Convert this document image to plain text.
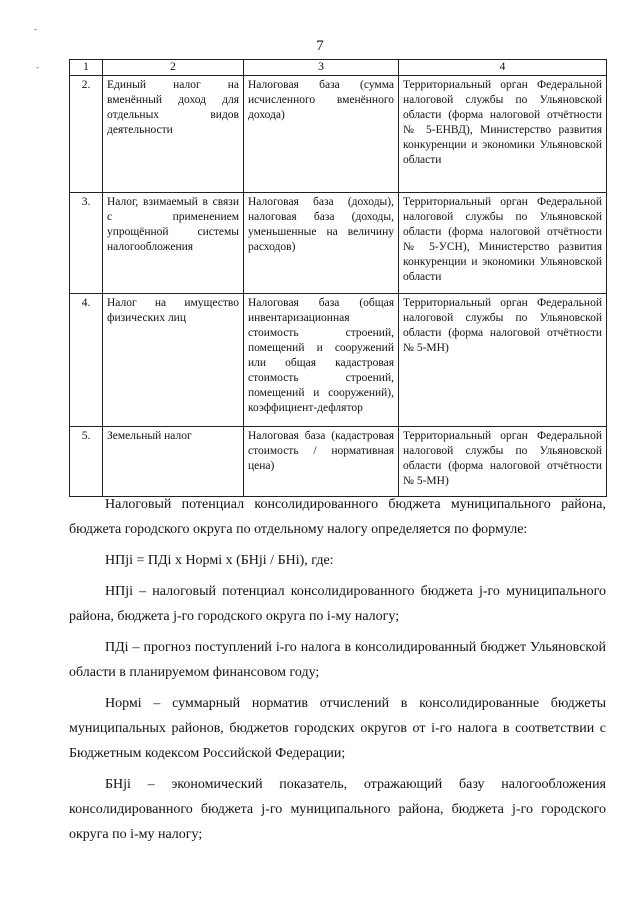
-
-
7
1	2	3	4
2.	Единый налог на вменённый доход для отдельных видов деятельности	Налоговая база (сумма исчисленного вменённого дохода)	Территориальный орган Федеральной налоговой службы по Ульяновской области (форма налоговой отчётности № 5-ЕНВД), Министерство развития конкуренции и экономики Ульяновской области
3.	Налог, взимаемый в связи с применением упрощённой системы налогообложения	Налоговая база (доходы), налоговая база (доходы, уменьшенные на величину расходов)	Территориальный орган Федеральной налоговой службы по Ульяновской области (форма налоговой отчётности № 5-УСН), Министерство развития конкуренции и экономики Ульяновской области
4.	Налог на имущество физических лиц	Налоговая база (общая инвентаризационная стоимость строений, помещений и сооружений или общая кадастровая стоимость строений, помещений и сооружений), коэффициент-дефлятор	Территориальный орган Федеральной налоговой службы по Ульяновской области (форма налоговой отчётности № 5-МН)
5.	Земельный налог	Налоговая база (кадастровая стоимость / нормативная цена)	Территориальный орган Федеральной налоговой службы по Ульяновской области (форма налоговой отчётности № 5-МН)

Налоговый потенциал консолидированного бюджета муниципального района, бюджета городского округа по отдельному налогу определяется по формуле:

НПji = ПДi x Нормi x (БНji / БНi), где:

НПji – налоговый потенциал консолидированного бюджета j-го муниципального района, бюджета j-го городского округа по i-му налогу;

ПДi – прогноз поступлений i-го налога в консолидированный бюджет Ульяновской области в планируемом финансовом году;

Нормi – суммарный норматив отчислений в консолидированные бюджеты муниципальных районов, бюджетов городских округов от i-го налога в соответствии с Бюджетным кодексом Российской Федерации;

БНji – экономический показатель, отражающий базу налогообложения консолидированного бюджета j-го муниципального района, бюджета j-го городского округа по i-му налогу;
